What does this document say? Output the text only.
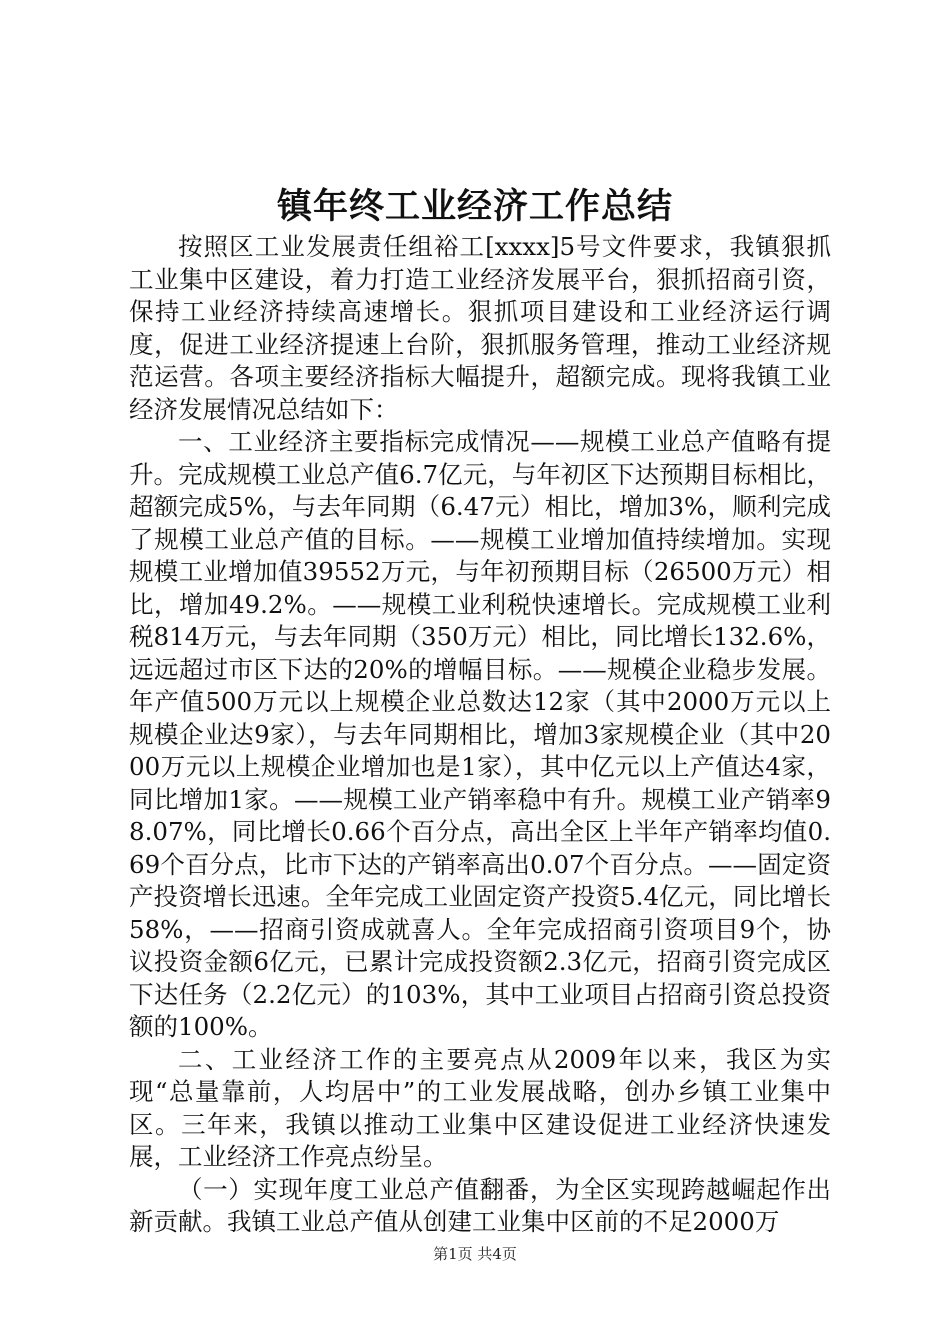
镇年终工业经济工作总结

按照区工业发展责任组裕工[xxxx]5号文件要求，我镇狠抓工业集中区建设，着力打造工业经济发展平台，狠抓招商引资，保持工业经济持续高速增长。狠抓项目建设和工业经济运行调度，促进工业经济提速上台阶，狠抓服务管理，推动工业经济规范运营。各项主要经济指标大幅提升，超额完成。现将我镇工业经济发展情况总结如下：

一、工业经济主要指标完成情况——规模工业总产值略有提升。完成规模工业总产值6.7亿元，与年初区下达预期目标相比，超额完成5%，与去年同期（6.47元）相比，增加3%，顺利完成了规模工业总产值的目标。——规模工业增加值持续增加。实现规模工业增加值39552万元，与年初预期目标（26500万元）相比，增加49.2%。——规模工业利税快速增长。完成规模工业利税814万元，与去年同期（350万元）相比，同比增长132.6%，远远超过市区下达的20%的增幅目标。——规模企业稳步发展。年产值500万元以上规模企业总数达12家（其中2000万元以上规模企业达9家），与去年同期相比，增加3家规模企业（其中2000万元以上规模企业增加也是1家），其中亿元以上产值达4家，同比增加1家。——规模工业产销率稳中有升。规模工业产销率98.07%，同比增长0.66个百分点，高出全区上半年产销率均值0.69个百分点，比市下达的产销率高出0.07个百分点。——固定资产投资增长迅速。全年完成工业固定资产投资5.4亿元，同比增长58%，——招商引资成就喜人。全年完成招商引资项目9个，协议投资金额6亿元，已累计完成投资额2.3亿元，招商引资完成区下达任务（2.2亿元）的103%，其中工业项目占招商引资总投资额的100%。

二、工业经济工作的主要亮点从2009年以来，我区为实现“总量靠前，人均居中”的工业发展战略，创办乡镇工业集中区。三年来，我镇以推动工业集中区建设促进工业经济快速发展，工业经济工作亮点纷呈。

（一）实现年度工业总产值翻番，为全区实现跨越崛起作出新贡献。我镇工业总产值从创建工业集中区前的不足2000万

第1页 共4页
